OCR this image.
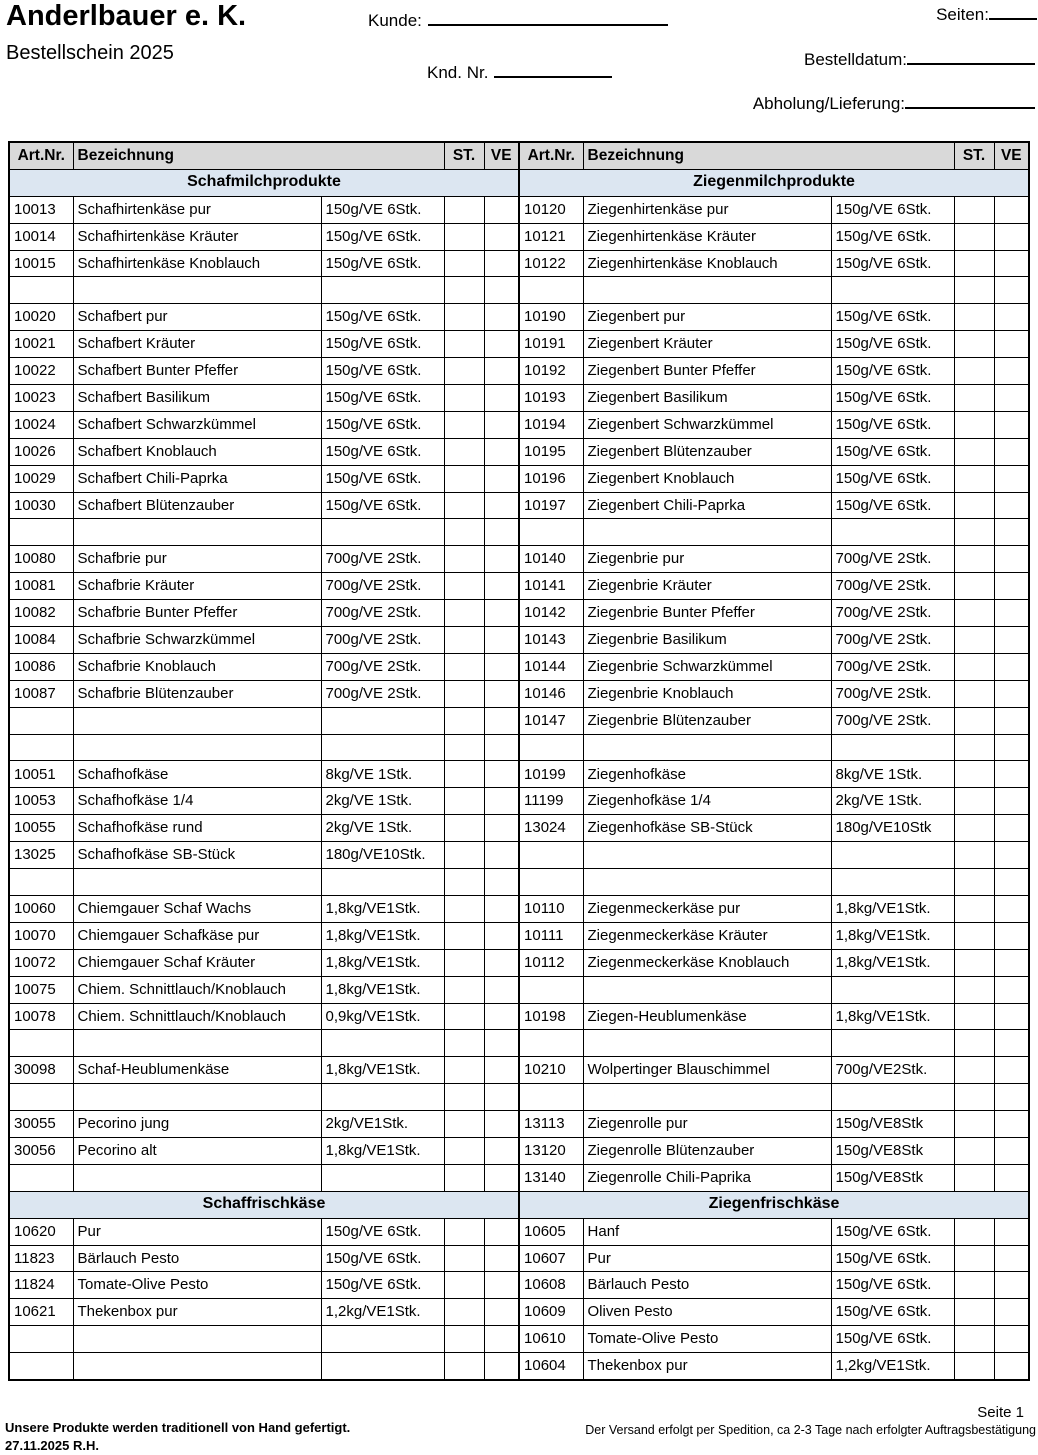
Anderlbauer e. K.
Bestellschein 2025
Kunde:
Knd. Nr.
Seiten:
Bestelldatum:
Abholung/Lieferung:
Art.Nr.	Bezeichnung		ST.	VE
Schafmilchprodukte				
10013	Schafhirtenkäse pur	150g/VE 6Stk.		
10014	Schafhirtenkäse Kräuter	150g/VE 6Stk.		
10015	Schafhirtenkäse Knoblauch	150g/VE 6Stk.		

10020	Schafbert pur	150g/VE 6Stk.		
10021	Schafbert Kräuter	150g/VE 6Stk.		
10022	Schafbert Bunter Pfeffer	150g/VE 6Stk.		
10023	Schafbert Basilikum	150g/VE 6Stk.		
10024	Schafbert Schwarzkümmel	150g/VE 6Stk.		
10026	Schafbert Knoblauch	150g/VE 6Stk.		
10029	Schafbert Chili-Paprka	150g/VE 6Stk.		
10030	Schafbert Blütenzauber	150g/VE 6Stk.		

10080	Schafbrie pur	700g/VE 2Stk.		
10081	Schafbrie Kräuter	700g/VE 2Stk.		
10082	Schafbrie Bunter Pfeffer	700g/VE 2Stk.		
10084	Schafbrie Schwarzkümmel	700g/VE 2Stk.		
10086	Schafbrie Knoblauch	700g/VE 2Stk.		
10087	Schafbrie Blütenzauber	700g/VE 2Stk.		

10051	Schafhofkäse	8kg/VE 1Stk.		
10053	Schafhofkäse 1/4	2kg/VE 1Stk.		
10055	Schafhofkäse rund	2kg/VE 1Stk.		
13025	Schafhofkäse SB-Stück	180g/VE10Stk.		

10060	Chiemgauer Schaf Wachs	1,8kg/VE1Stk.		
10070	Chiemgauer Schafkäse pur	1,8kg/VE1Stk.		
10072	Chiemgauer Schaf Kräuter	1,8kg/VE1Stk.		
10075	Chiem. Schnittlauch/Knoblauch	1,8kg/VE1Stk.		
10078	Chiem. Schnittlauch/Knoblauch	0,9kg/VE1Stk.		

30098	Schaf-Heublumenkäse	1,8kg/VE1Stk.		

30055	Pecorino jung	2kg/VE1Stk.		
30056	Pecorino alt	1,8kg/VE1Stk.		

Schaffrischkäse				
10620	Pur	150g/VE 6Stk.		
11823	Bärlauch Pesto	150g/VE 6Stk.		
11824	Tomate-Olive Pesto	150g/VE 6Stk.		
10621	Thekenbox pur	1,2kg/VE1Stk.		

Art.Nr.	Bezeichnung		ST.	VE
Ziegenmilchprodukte				
10120	Ziegenhirtenkäse pur	150g/VE 6Stk.		
10121	Ziegenhirtenkäse Kräuter	150g/VE 6Stk.		
10122	Ziegenhirtenkäse Knoblauch	150g/VE 6Stk.		

10190	Ziegenbert pur	150g/VE 6Stk.		
10191	Ziegenbert Kräuter	150g/VE 6Stk.		
10192	Ziegenbert Bunter Pfeffer	150g/VE 6Stk.		
10193	Ziegenbert Basilikum	150g/VE 6Stk.		
10194	Ziegenbert Schwarzkümmel	150g/VE 6Stk.		
10195	Ziegenbert Blütenzauber	150g/VE 6Stk.		
10196	Ziegenbert Knoblauch	150g/VE 6Stk.		
10197	Ziegenbert Chili-Paprka	150g/VE 6Stk.		

10140	Ziegenbrie pur	700g/VE 2Stk.		
10141	Ziegenbrie Kräuter	700g/VE 2Stk.		
10142	Ziegenbrie Bunter Pfeffer	700g/VE 2Stk.		
10143	Ziegenbrie Basilikum	700g/VE 2Stk.		
10144	Ziegenbrie Schwarzkümmel	700g/VE 2Stk.		
10146	Ziegenbrie Knoblauch	700g/VE 2Stk.		
10147	Ziegenbrie Blütenzauber	700g/VE 2Stk.		

10199	Ziegenhofkäse	8kg/VE 1Stk.		
11199	Ziegenhofkäse 1/4	2kg/VE 1Stk.		
13024	Ziegenhofkäse SB-Stück	180g/VE10Stk		

10110	Ziegenmeckerkäse pur	1,8kg/VE1Stk.		
10111	Ziegenmeckerkäse Kräuter	1,8kg/VE1Stk.		
10112	Ziegenmeckerkäse Knoblauch	1,8kg/VE1Stk.		

10198	Ziegen-Heublumenkäse	1,8kg/VE1Stk.		

10210	Wolpertinger Blauschimmel	700g/VE2Stk.		

13113	Ziegenrolle pur	150g/VE8Stk		
13120	Ziegenrolle Blütenzauber	150g/VE8Stk		
13140	Ziegenrolle Chili-Paprika	150g/VE8Stk		
Ziegenfrischkäse				
10605	Hanf	150g/VE 6Stk.		
10607	Pur	150g/VE 6Stk.		
10608	Bärlauch Pesto	150g/VE 6Stk.		
10609	Oliven Pesto	150g/VE 6Stk.		
10610	Tomate-Olive Pesto	150g/VE 6Stk.		
10604	Thekenbox pur	1,2kg/VE1Stk.		
Seite 1
Unsere Produkte werden traditionell von Hand gefertigt.
27.11.2025 R.H.
Der Versand erfolgt per Spedition, ca 2-3 Tage nach erfolgter Auftragsbestätigung
